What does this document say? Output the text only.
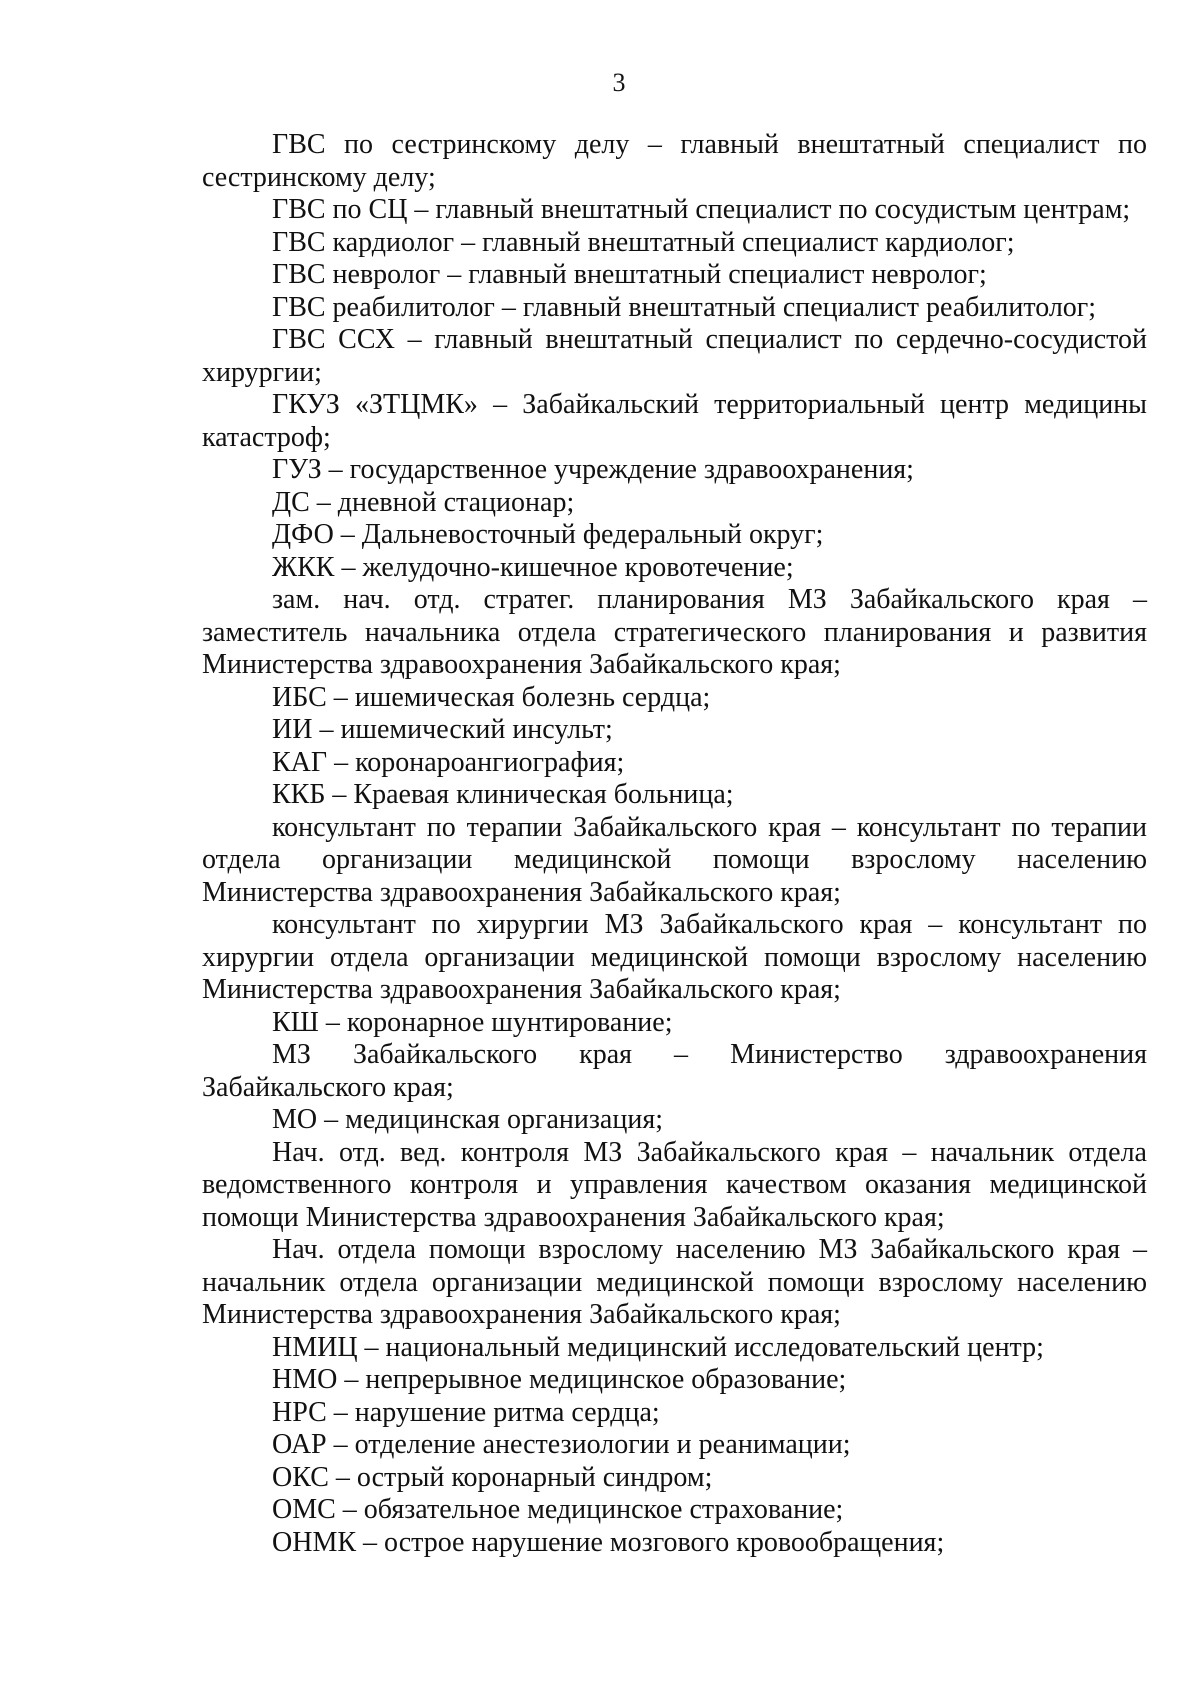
3

ГВС по сестринскому делу – главный внештатный специалист по сестринскому делу;

ГВС по СЦ – главный внештатный специалист по сосудистым центрам;

ГВС кардиолог – главный внештатный специалист кардиолог;

ГВС невролог – главный внештатный специалист невролог;

ГВС реабилитолог – главный внештатный специалист реабилитолог;

ГВС ССХ – главный внештатный специалист по сердечно-сосудистой хирургии;

ГКУЗ «ЗТЦМК» – Забайкальский территориальный центр медицины катастроф;

ГУЗ – государственное учреждение здравоохранения;

ДС – дневной стационар;

ДФО – Дальневосточный федеральный округ;

ЖКК – желудочно-кишечное кровотечение;

зам. нач. отд. стратег. планирования МЗ Забайкальского края – заместитель начальника отдела стратегического планирования и развития Министерства здравоохранения Забайкальского края;

ИБС – ишемическая болезнь сердца;

ИИ – ишемический инсульт;

КАГ – коронароангиография;

ККБ – Краевая клиническая больница;

консультант по терапии Забайкальского края – консультант по терапии отдела организации медицинской помощи взрослому населению Министерства здравоохранения Забайкальского края;

консультант по хирургии МЗ Забайкальского края – консультант по хирургии отдела организации медицинской помощи взрослому населению Министерства здравоохранения Забайкальского края;

КШ – коронарное шунтирование;

МЗ Забайкальского края – Министерство здравоохранения Забайкальского края;

МО – медицинская организация;

Нач. отд. вед. контроля МЗ Забайкальского края – начальник отдела ведомственного контроля и управления качеством оказания медицинской помощи Министерства здравоохранения Забайкальского края;

Нач. отдела помощи взрослому населению МЗ Забайкальского края – начальник отдела организации медицинской помощи взрослому населению Министерства здравоохранения Забайкальского края;

НМИЦ – национальный медицинский исследовательский центр;

НМО – непрерывное медицинское образование;

НРС – нарушение ритма сердца;

ОАР – отделение анестезиологии и реанимации;

ОКС – острый коронарный синдром;

ОМС – обязательное медицинское страхование;

ОНМК – острое нарушение мозгового кровообращения;
